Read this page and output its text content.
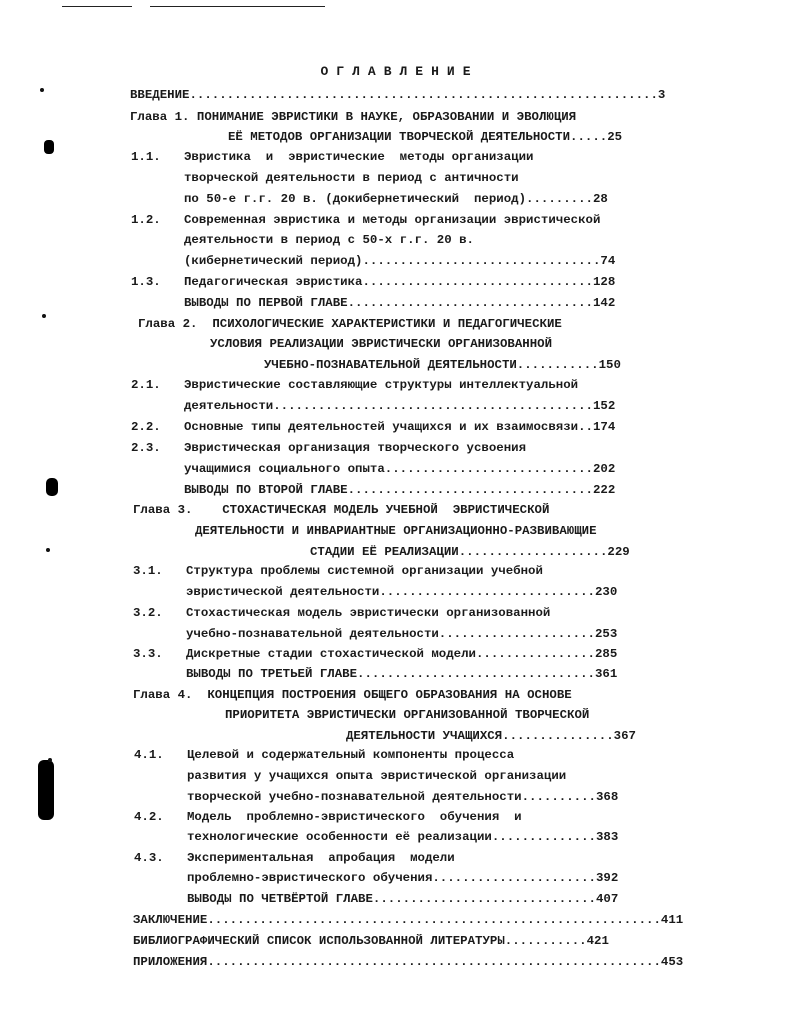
ОГЛАВЛЕНИЕ
ВВЕДЕНИЕ...............................................................3
Глава 1. ПОНИМАНИЕ ЭВРИСТИКИ В НАУКЕ, ОБРАЗОВАНИИ И ЭВОЛЮЦИЯ
ЕЁ МЕТОДОВ ОРГАНИЗАЦИИ ТВОРЧЕСКОЙ ДЕЯТЕЛЬНОСТИ.....25
1.1. Эвристика  и  эвристические  методы организации
творческой деятельности в период с античности
по 50-е г.г. 20 в. (докибернетический  период).........28
1.2. Современная эвристика и методы организации эвристической
деятельности в период с 50-х г.г. 20 в.
(кибернетический период)................................74
1.3. Педагогическая эвристика...............................128
ВЫВОДЫ ПО ПЕРВОЙ ГЛАВЕ.................................142
Глава 2.  ПСИХОЛОГИЧЕСКИЕ ХАРАКТЕРИСТИКИ И ПЕДАГОГИЧЕСКИЕ
УСЛОВИЯ РЕАЛИЗАЦИИ ЭВРИСТИЧЕСКИ ОРГАНИЗОВАННОЙ
УЧЕБНО-ПОЗНАВАТЕЛЬНОЙ ДЕЯТЕЛЬНОСТИ...........150
2.1. Эвристические составляющие структуры интеллектуальной
деятельности...........................................152
2.2. Основные типы деятельностей учащихся и их взаимосвязи..174
2.3. Эвристическая организация творческого усвоения
учащимися социального опыта............................202
ВЫВОДЫ ПО ВТОРОЙ ГЛАВЕ.................................222
Глава 3.    СТОХАСТИЧЕСКАЯ МОДЕЛЬ УЧЕБНОЙ  ЭВРИСТИЧЕСКОЙ
ДЕЯТЕЛЬНОСТИ И ИНВАРИАНТНЫЕ ОРГАНИЗАЦИОННО-РАЗВИВАЮЩИЕ
СТАДИИ ЕЁ РЕАЛИЗАЦИИ....................229
3.1. Структура проблемы системной организации учебной
эвристической деятельности.............................230
3.2. Стохастическая модель эвристически организованной
учебно-познавательной деятельности.....................253
3.3. Дискретные стадии стохастической модели................285
ВЫВОДЫ ПО ТРЕТЬЕЙ ГЛАВЕ................................361
Глава 4.  КОНЦЕПЦИЯ ПОСТРОЕНИЯ ОБЩЕГО ОБРАЗОВАНИЯ НА ОСНОВЕ
ПРИОРИТЕТА ЭВРИСТИЧЕСКИ ОРГАНИЗОВАННОЙ ТВОРЧЕСКОЙ
ДЕЯТЕЛЬНОСТИ УЧАЩИХСЯ...............367
4.1. Целевой и содержательный компоненты процесса
развития у учащихся опыта эвристической организации
творческой учебно-познавательной деятельности..........368
4.2. Модель  проблемно-эвристического  обучения  и
технологические особенности её реализации..............383
4.3. Экспериментальная  апробация  модели
проблемно-эвристического обучения......................392
ВЫВОДЫ ПО ЧЕТВЁРТОЙ ГЛАВЕ..............................407
ЗАКЛЮЧЕНИЕ.............................................................411
БИБЛИОГРАФИЧЕСКИЙ СПИСОК ИСПОЛЬЗОВАННОЙ ЛИТЕРАТУРЫ...........421
ПРИЛОЖЕНИЯ.............................................................453
